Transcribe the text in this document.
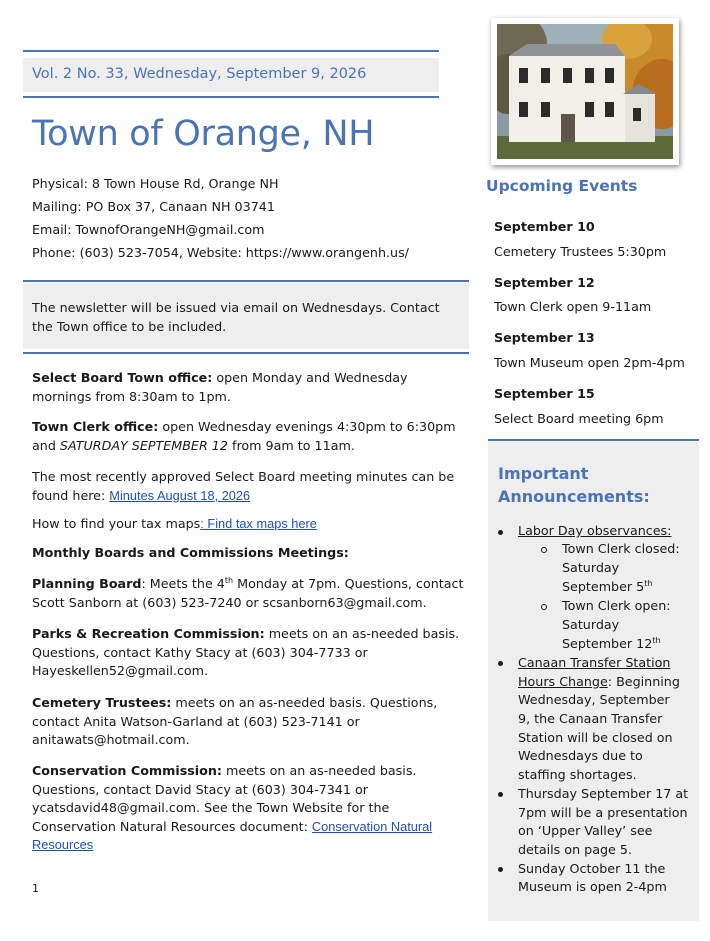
Vol. 2 No. 33, Wednesday, September 9, 2026
Town of Orange, NH
Physical: 8 Town House Rd, Orange NH
Mailing: PO Box 37, Canaan NH 03741
Email: TownofOrangeNH@gmail.com
Phone: (603) 523-7054, Website: https://www.orangenh.us/
The newsletter will be issued via email on Wednesdays. Contact the Town office to be included.
Select Board Town office: open Monday and Wednesday mornings from 8:30am to 1pm.
Town Clerk office: open Wednesday evenings 4:30pm to 6:30pm and SATURDAY SEPTEMBER 12 from 9am to 11am.
The most recently approved Select Board meeting minutes can be found here: Minutes August 18, 2026
How to find your tax maps: Find tax maps here
Monthly Boards and Commissions Meetings:
Planning Board: Meets the 4th Monday at 7pm. Questions, contact Scott Sanborn at (603) 523-7240 or scsanborn63@gmail.com.
Parks & Recreation Commission: meets on an as-needed basis. Questions, contact Kathy Stacy at (603) 304-7733 or Hayeskellen52@gmail.com.
Cemetery Trustees: meets on an as-needed basis. Questions, contact Anita Watson-Garland at (603) 523-7141 or anitawats@hotmail.com.
Conservation Commission: meets on an as-needed basis. Questions, contact David Stacy at (603) 304-7341 or ycatsdavid48@gmail.com. See the Town Website for the Conservation Natural Resources document: Conservation Natural Resources
1
Upcoming Events
September 10
Cemetery Trustees 5:30pm
September 12
Town Clerk open 9-11am
September 13
Town Museum open 2pm-4pm
September 15
Select Board meeting 6pm
Important
Announcements:
Labor Day observances:
Town Clerk closed:
Saturday
September 5th
Town Clerk open:
Saturday
September 12th
Canaan Transfer Station
Hours Change: Beginning
Wednesday, September
9, the Canaan Transfer
Station will be closed on
Wednesdays due to
staffing shortages.
Thursday September 17 at
7pm will be a presentation
on ‘Upper Valley’ see
details on page 5.
Sunday October 11 the
Museum is open 2-4pm
